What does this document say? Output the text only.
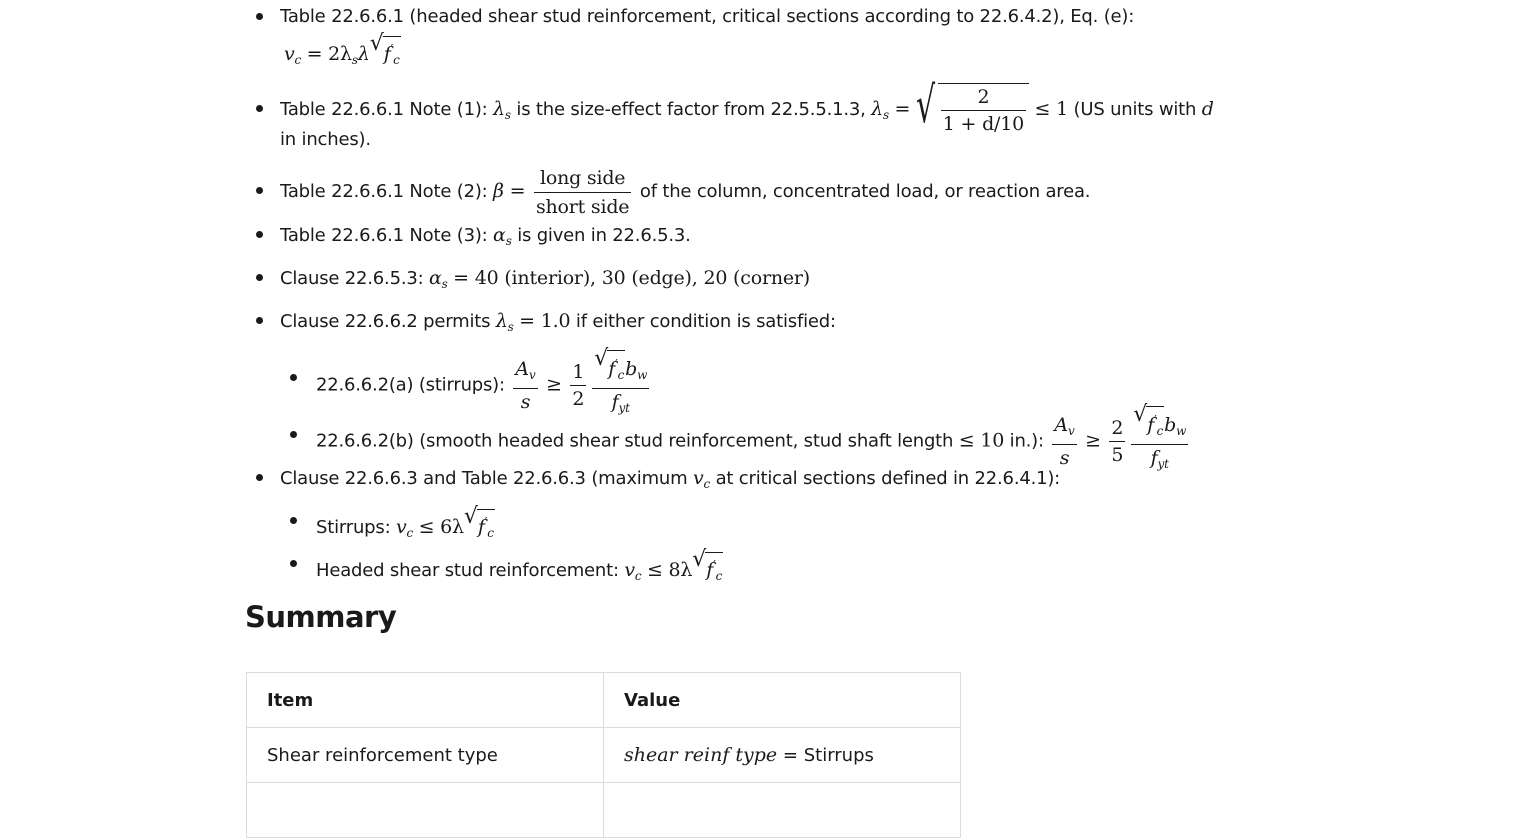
Table 22.6.6.1 (headed shear stud reinforcement, critical sections according to 22.6.4.2), Eq. (e):
$v_c = 2\lambda_s\lambda$ √ $f'_c$
Table 22.6.6.1 Note (1): $\lambda_s$ is the size-effect factor from 22.5.5.1.3, $\lambda_s$ = √ $\frac{2}{1 + d/10} \le 1$ (US units with d
in inches).
Table 22.6.6.1 Note (2): $\beta = \frac{\text{long side}}{\text{short side}}$ of the column, concentrated load, or reaction area.
Table 22.6.6.1 Note (3): $\alpha_s$ is given in 22.6.5.3.
Clause 22.6.5.3: $\alpha_s = 40$ (interior), 30 (edge), 20 (corner)
Clause 22.6.6.2 permits $\lambda_s = 1.0$ if either condition is satisfied:
22.6.6.2(a) (stirrups): $\frac{A_v}{s} \ge \frac{1}{2} \frac{√ f'_cb_w}{f_{yt}}$
22.6.6.2(b) (smooth headed shear stud reinforcement, stud shaft length ≤ 10 in.): $\frac{A_v}{s} \ge \frac{2}{5} \frac{√ f'_cb_w}{f_{yt}}$
Clause 22.6.6.3 and Table 22.6.6.3 (maximum $v_c$ at critical sections defined in 22.6.4.1):
Stirrups: $v_c \le 6\lambda$ √ $f'_c$
Headed shear stud reinforcement: $v_c \le 8\lambda$ √ $f'_c$
Summary
Item	Value
Shear reinforcement type	shear reinf type = Stirrups
